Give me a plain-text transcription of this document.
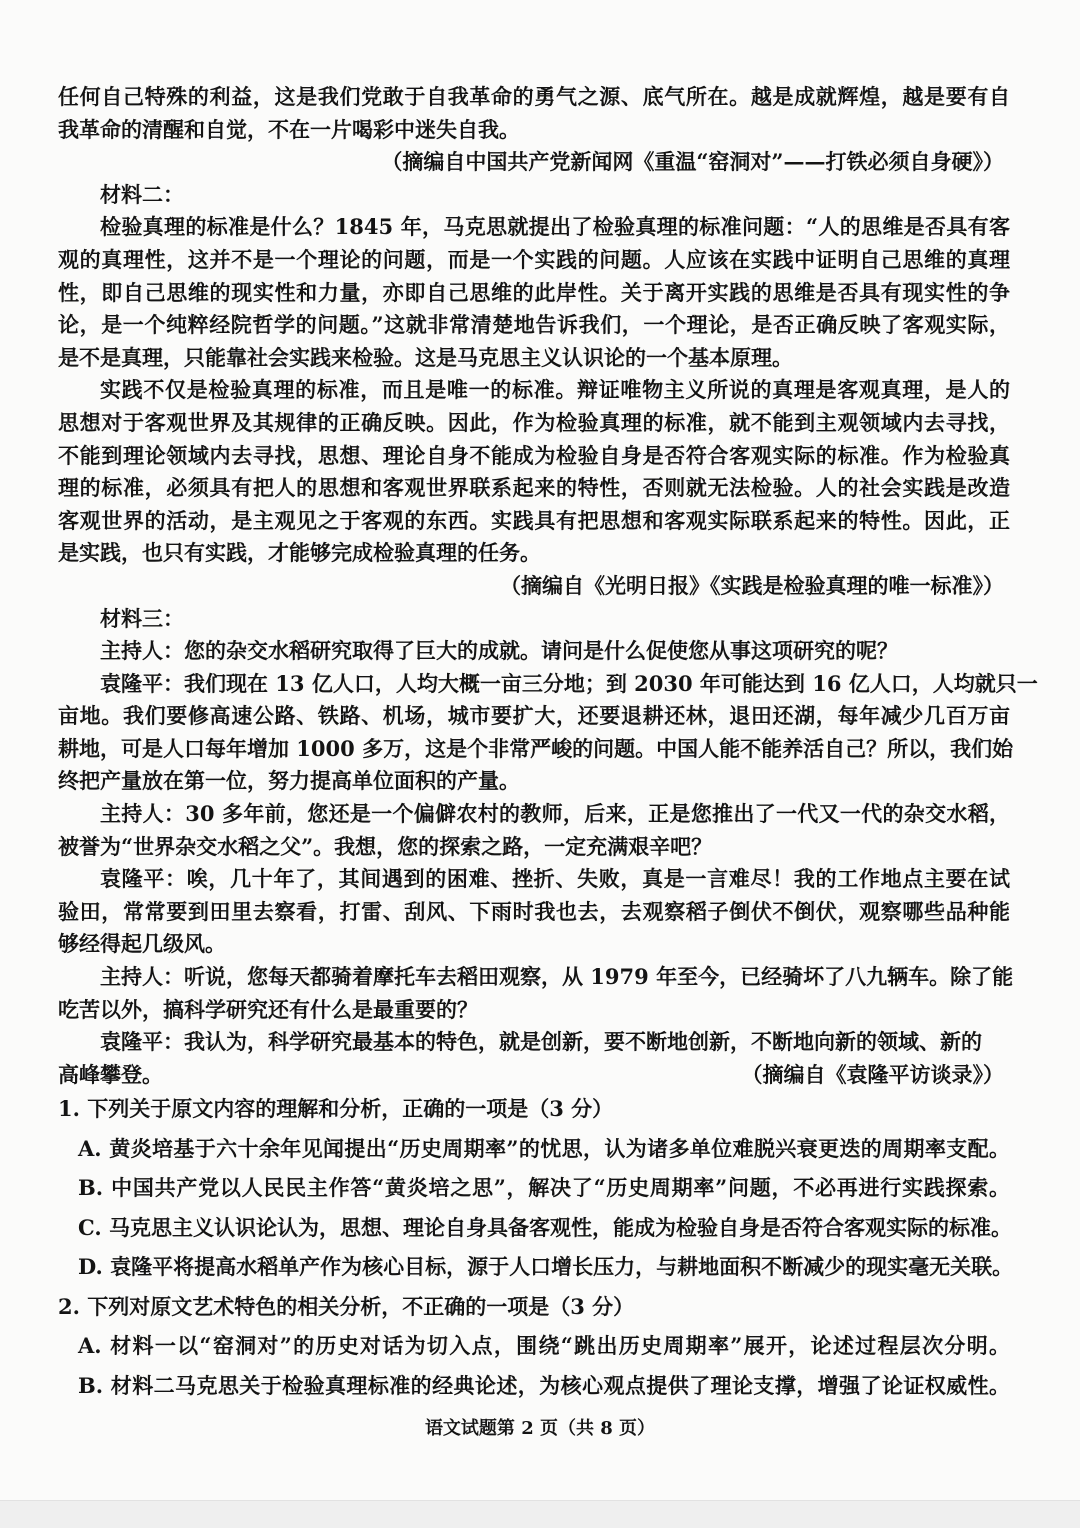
任何自己特殊的利益，这是我们党敢于自我革命的勇气之源、底气所在。越是成就辉煌，越是要有自
我革命的清醒和自觉，不在一片喝彩中迷失自我。
（摘编自中国共产党新闻网《重温“窑洞对”——打铁必须自身硬》）
材料二：
检验真理的标准是什么？1845 年，马克思就提出了检验真理的标准问题：“人的思维是否具有客
观的真理性，这并不是一个理论的问题，而是一个实践的问题。人应该在实践中证明自己思维的真理
性，即自己思维的现实性和力量，亦即自己思维的此岸性。关于离开实践的思维是否具有现实性的争
论，是一个纯粹经院哲学的问题。”这就非常清楚地告诉我们，一个理论，是否正确反映了客观实际，
是不是真理，只能靠社会实践来检验。这是马克思主义认识论的一个基本原理。
实践不仅是检验真理的标准，而且是唯一的标准。辩证唯物主义所说的真理是客观真理，是人的
思想对于客观世界及其规律的正确反映。因此，作为检验真理的标准，就不能到主观领域内去寻找，
不能到理论领域内去寻找，思想、理论自身不能成为检验自身是否符合客观实际的标准。作为检验真
理的标准，必须具有把人的思想和客观世界联系起来的特性，否则就无法检验。人的社会实践是改造
客观世界的活动，是主观见之于客观的东西。实践具有把思想和客观实际联系起来的特性。因此，正
是实践，也只有实践，才能够完成检验真理的任务。
（摘编自《光明日报》《实践是检验真理的唯一标准》）
材料三：
主持人：您的杂交水稻研究取得了巨大的成就。请问是什么促使您从事这项研究的呢？
袁隆平：我们现在 13 亿人口，人均大概一亩三分地；到 2030 年可能达到 16 亿人口，人均就只一
亩地。我们要修高速公路、铁路、机场，城市要扩大，还要退耕还林，退田还湖，每年减少几百万亩
耕地，可是人口每年增加 1000 多万，这是个非常严峻的问题。中国人能不能养活自己？所以，我们始
终把产量放在第一位，努力提高单位面积的产量。
主持人：30 多年前，您还是一个偏僻农村的教师，后来，正是您推出了一代又一代的杂交水稻，
被誉为“世界杂交水稻之父”。我想，您的探索之路，一定充满艰辛吧？
袁隆平：唉，几十年了，其间遇到的困难、挫折、失败，真是一言难尽！我的工作地点主要在试
验田，常常要到田里去察看，打雷、刮风、下雨时我也去，去观察稻子倒伏不倒伏，观察哪些品种能
够经得起几级风。
主持人：听说，您每天都骑着摩托车去稻田观察，从 1979 年至今，已经骑坏了八九辆车。除了能
吃苦以外，搞科学研究还有什么是最重要的？
袁隆平：我认为，科学研究最基本的特色，就是创新，要不断地创新，不断地向新的领域、新的
高峰攀登。	（摘编自《袁隆平访谈录》）
1. 下列关于原文内容的理解和分析，正确的一项是（3 分）
A. 黄炎培基于六十余年见闻提出“历史周期率”的忧思，认为诸多单位难脱兴衰更迭的周期率支配。
B. 中国共产党以人民民主作答“黄炎培之思”，解决了“历史周期率”问题，不必再进行实践探索。
C. 马克思主义认识论认为，思想、理论自身具备客观性，能成为检验自身是否符合客观实际的标准。
D. 袁隆平将提高水稻单产作为核心目标，源于人口增长压力，与耕地面积不断减少的现实毫无关联。
2. 下列对原文艺术特色的相关分析，不正确的一项是（3 分）
A. 材料一以“窑洞对”的历史对话为切入点，围绕“跳出历史周期率”展开，论述过程层次分明。
B. 材料二马克思关于检验真理标准的经典论述，为核心观点提供了理论支撑，增强了论证权威性。
语文试题第 2 页（共 8 页）
